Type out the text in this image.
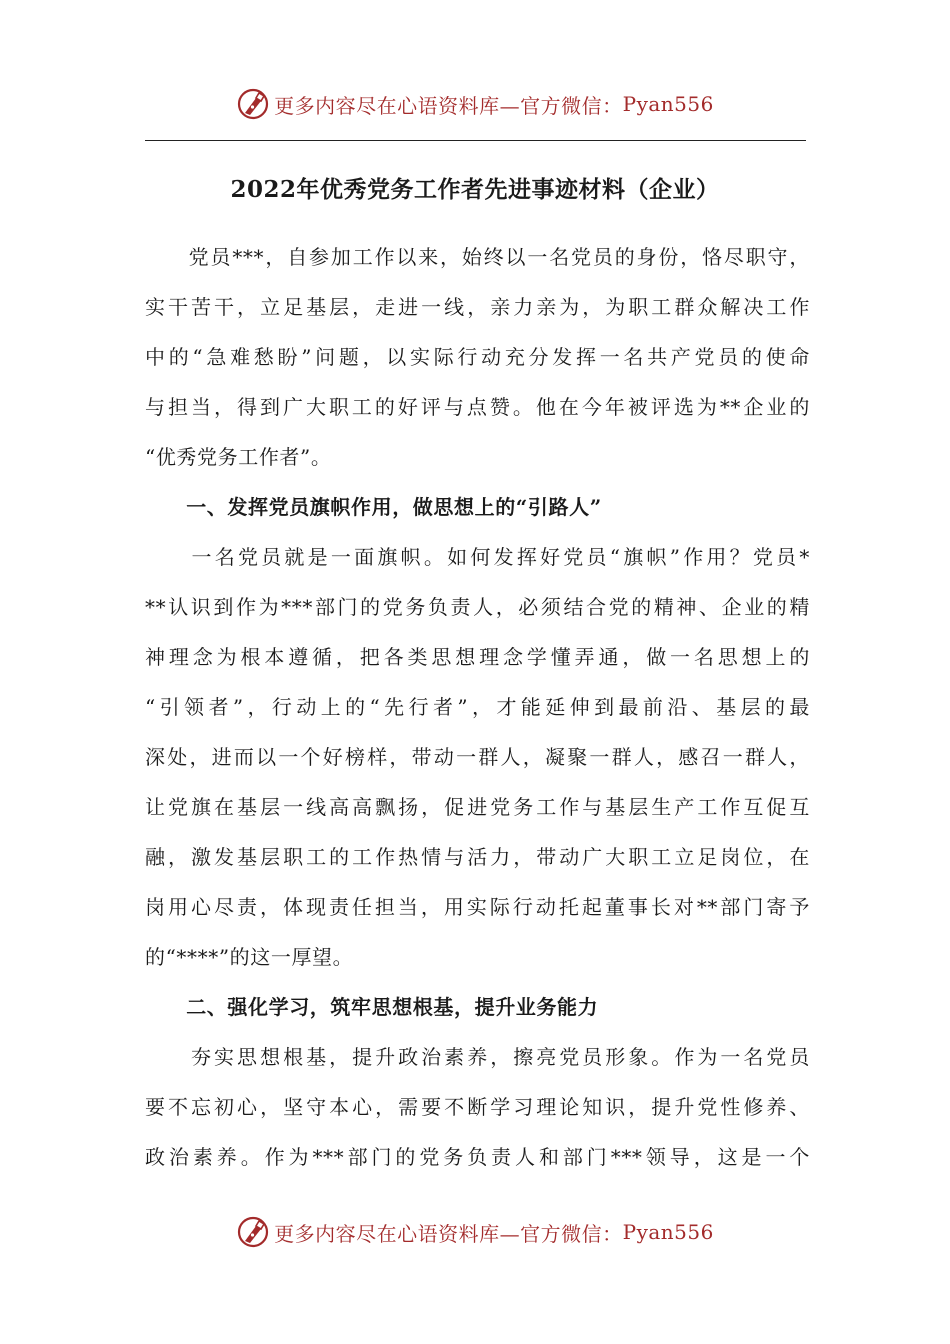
更多内容尽在心语资料库—官方微信： Pyan556
2022年优秀党务工作者先进事迹材料（企业）
　　党员***，自参加工作以来，始终以一名党员的身份，恪尽职守，
实干苦干，立足基层，走进一线，亲力亲为，为职工群众解决工作
中的“急难愁盼”问题，以实际行动充分发挥一名共产党员的使命
与担当，得到广大职工的好评与点赞。他在今年被评选为**企业的
“优秀党务工作者”。
　　一、发挥党员旗帜作用，做思想上的“引路人”
　　一名党员就是一面旗帜。如何发挥好党员“旗帜”作用？党员*
**认识到作为***部门的党务负责人，必须结合党的精神、企业的精
神理念为根本遵循，把各类思想理念学懂弄通，做一名思想上的
“引领者”，行动上的“先行者”，才能延伸到最前沿、基层的最
深处，进而以一个好榜样，带动一群人，凝聚一群人，感召一群人，
让党旗在基层一线高高飘扬，促进党务工作与基层生产工作互促互
融，激发基层职工的工作热情与活力，带动广大职工立足岗位，在
岗用心尽责，体现责任担当，用实际行动托起董事长对**部门寄予
的“****”的这一厚望。
　　二、强化学习，筑牢思想根基，提升业务能力
　　夯实思想根基，提升政治素养，擦亮党员形象。作为一名党员
要不忘初心，坚守本心，需要不断学习理论知识，提升党性修养、
政治素养。作为***部门的党务负责人和部门***领导，这是一个
更多内容尽在心语资料库—官方微信： Pyan556
